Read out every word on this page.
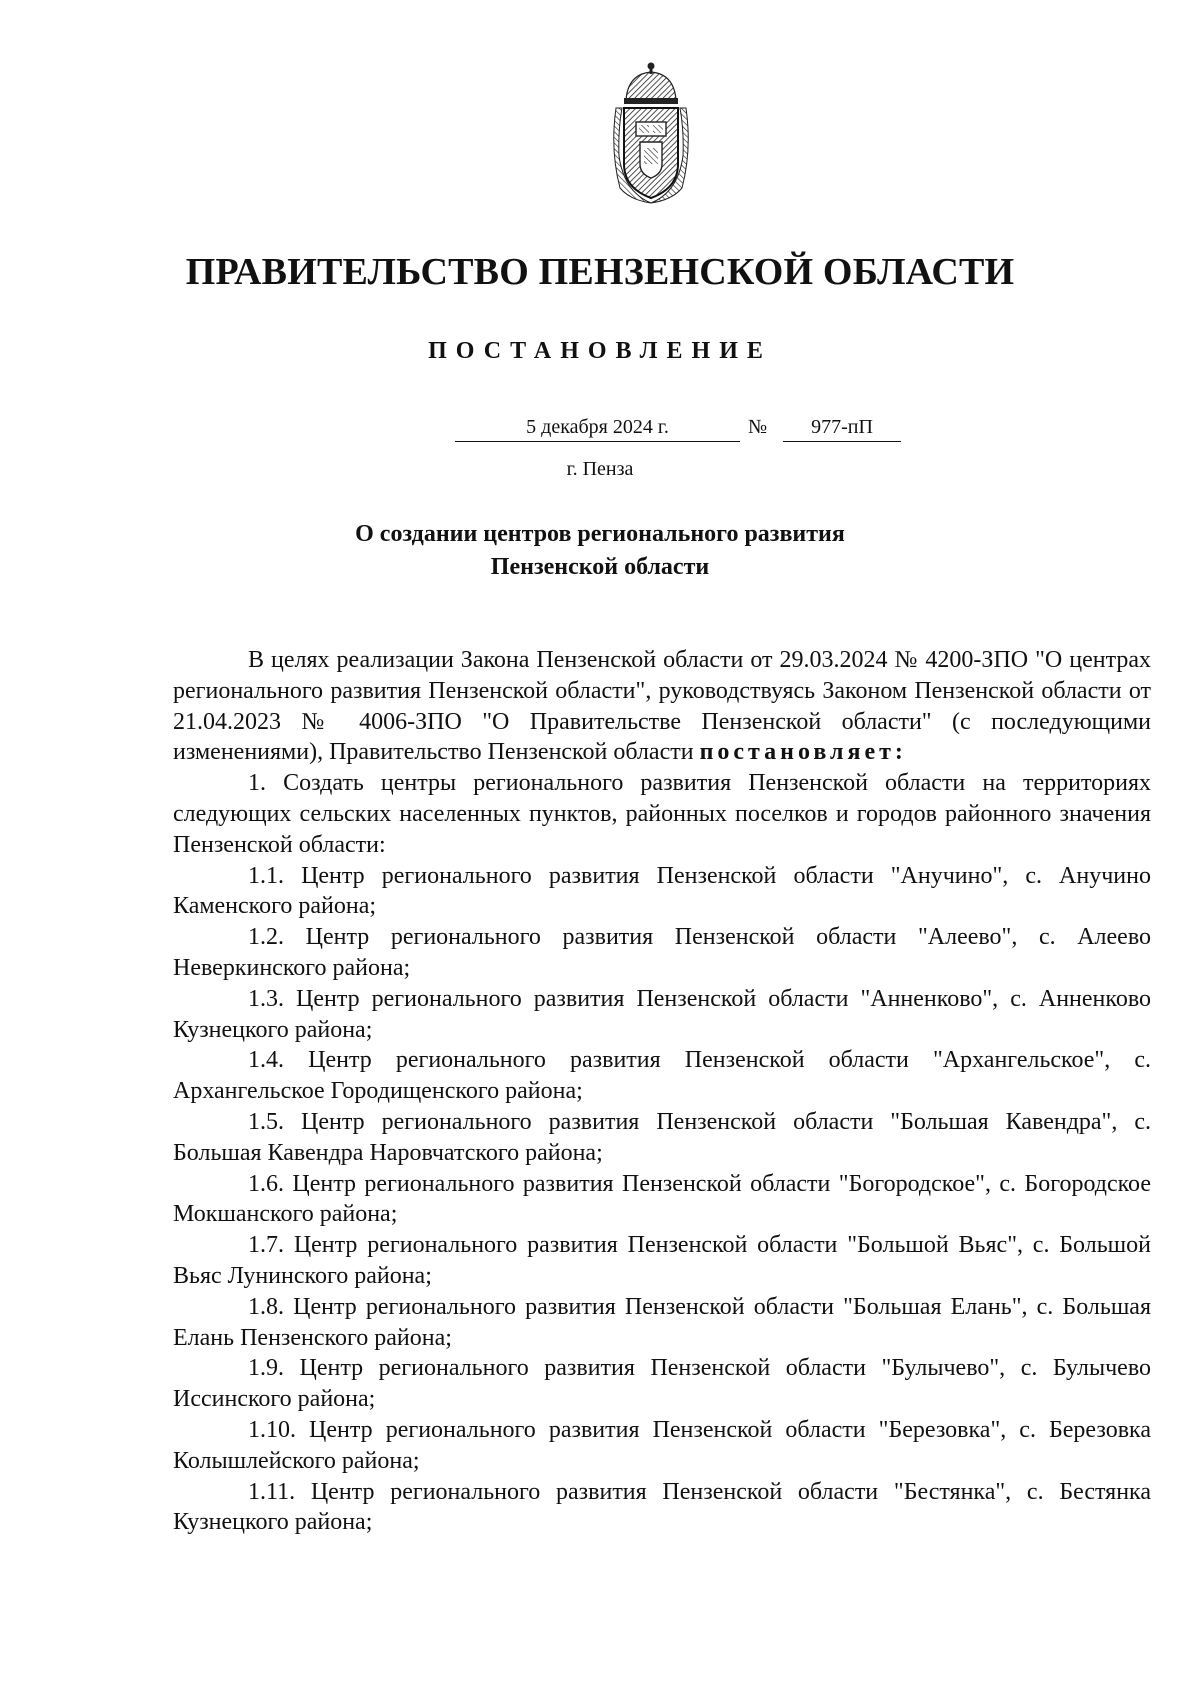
ПРАВИТЕЛЬСТВО ПЕНЗЕНСКОЙ ОБЛАСТИ
ПОСТАНОВЛЕНИЕ
5 декабря 2024 г.	№	977-пП
г. Пенза
О создании центров регионального развития
Пензенской области

В целях реализации Закона Пензенской области от 29.03.2024 № 4200-ЗПО "О центрах регионального развития Пензенской области", руководствуясь Законом Пензенской области от 21.04.2023 № 4006-ЗПО "О Правительстве Пензенской области" (с последующими изменениями), Правительство Пензенской области постановляет:

1. Создать центры регионального развития Пензенской области на территориях следующих сельских населенных пунктов, районных поселков и городов районного значения Пензенской области:

1.1. Центр регионального развития Пензенской области "Анучино", с. Анучино Каменского района;

1.2. Центр регионального развития Пензенской области "Алеево", с. Алеево Неверкинского района;

1.3. Центр регионального развития Пензенской области "Анненково", с. Анненково Кузнецкого района;

1.4. Центр регионального развития Пензенской области "Архангельское", с. Архангельское Городищенского района;

1.5. Центр регионального развития Пензенской области "Большая Кавендра", с. Большая Кавендра Наровчатского района;

1.6. Центр регионального развития Пензенской области "Богородское", с. Богородское Мокшанского района;

1.7. Центр регионального развития Пензенской области "Большой Вьяс", с. Большой Вьяс Лунинского района;

1.8. Центр регионального развития Пензенской области "Большая Елань", с. Большая Елань Пензенского района;

1.9. Центр регионального развития Пензенской области "Булычево", с. Булычево Иссинского района;

1.10. Центр регионального развития Пензенской области "Березовка", с. Березовка Колышлейского района;

1.11. Центр регионального развития Пензенской области "Бестянка", с. Бестянка Кузнецкого района;
